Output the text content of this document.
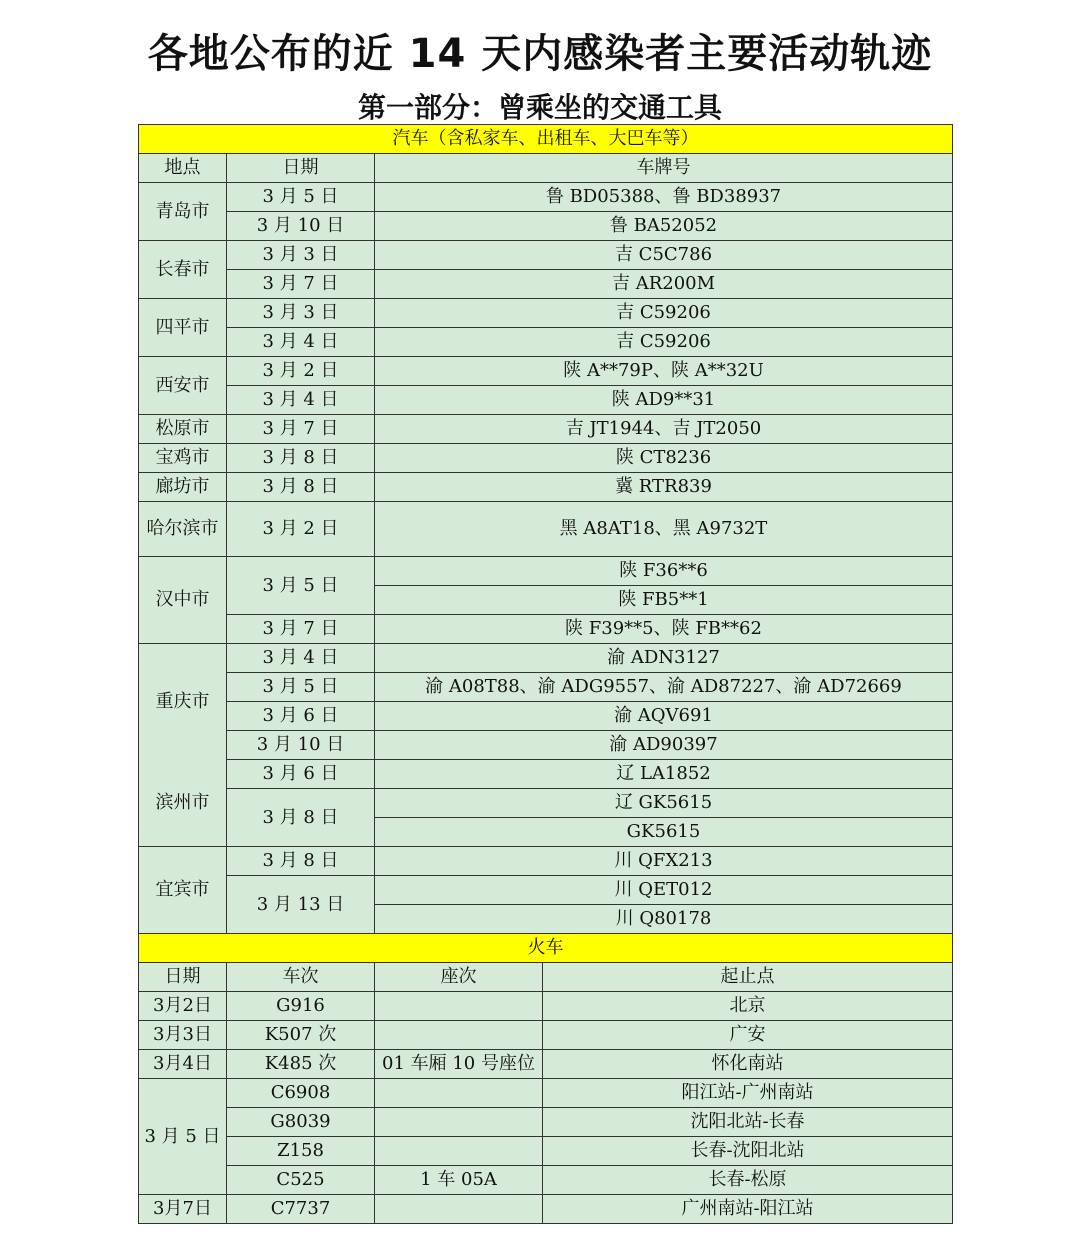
各地公布的近 14 天内感染者主要活动轨迹
第一部分：曾乘坐的交通工具
汽车（含私家车、出租车、大巴车等）			
地点	日期	车牌号	
青岛市	3 月 5 日	鲁 BD05388、鲁 BD38937	
	3 月 10 日	鲁 BA52052	
长春市	3 月 3 日	吉 C5C786	
	3 月 7 日	吉 AR200M	
四平市	3 月 3 日	吉 C59206	
	3 月 4 日	吉 C59206	
西安市	3 月 2 日	陕 A**79P、陕 A**32U	
	3 月 4 日	陕 AD9**31	
松原市	3 月 7 日	吉 JT1944、吉 JT2050	
宝鸡市	3 月 8 日	陕 CT8236	
廊坊市	3 月 8 日	冀 RTR839	
哈尔滨市	3 月 2 日	黑 A8AT18、黑 A9732T	
汉中市	3 月 5 日	陕 F36**6	
		陕 FB5**1	
	3 月 7 日	陕 F39**5、陕 FB**62	
重庆市	3 月 4 日	渝 ADN3127	
	3 月 5 日	渝 A08T88、渝 ADG9557、渝 AD87227、渝 AD72669	
	3 月 6 日	渝 AQV691	
	3 月 10 日	渝 AD90397	
滨州市	3 月 6 日	辽 LA1852	
	3 月 8 日	辽 GK5615	
		GK5615	
宜宾市	3 月 8 日	川 QFX213	
	3 月 13 日	川 QET012	
		川 Q80178	
火车			
日期	车次	座次	起止点
3月2日	G916		北京
3月3日	K507 次		广安
3月4日	K485 次	01 车厢 10 号座位	怀化南站
3 月 5 日	C6908		阳江站-广州南站
	G8039		沈阳北站-长春
	Z158		长春-沈阳北站
	C525	1 车 05A	长春-松原
3月7日	C7737		广州南站-阳江站
